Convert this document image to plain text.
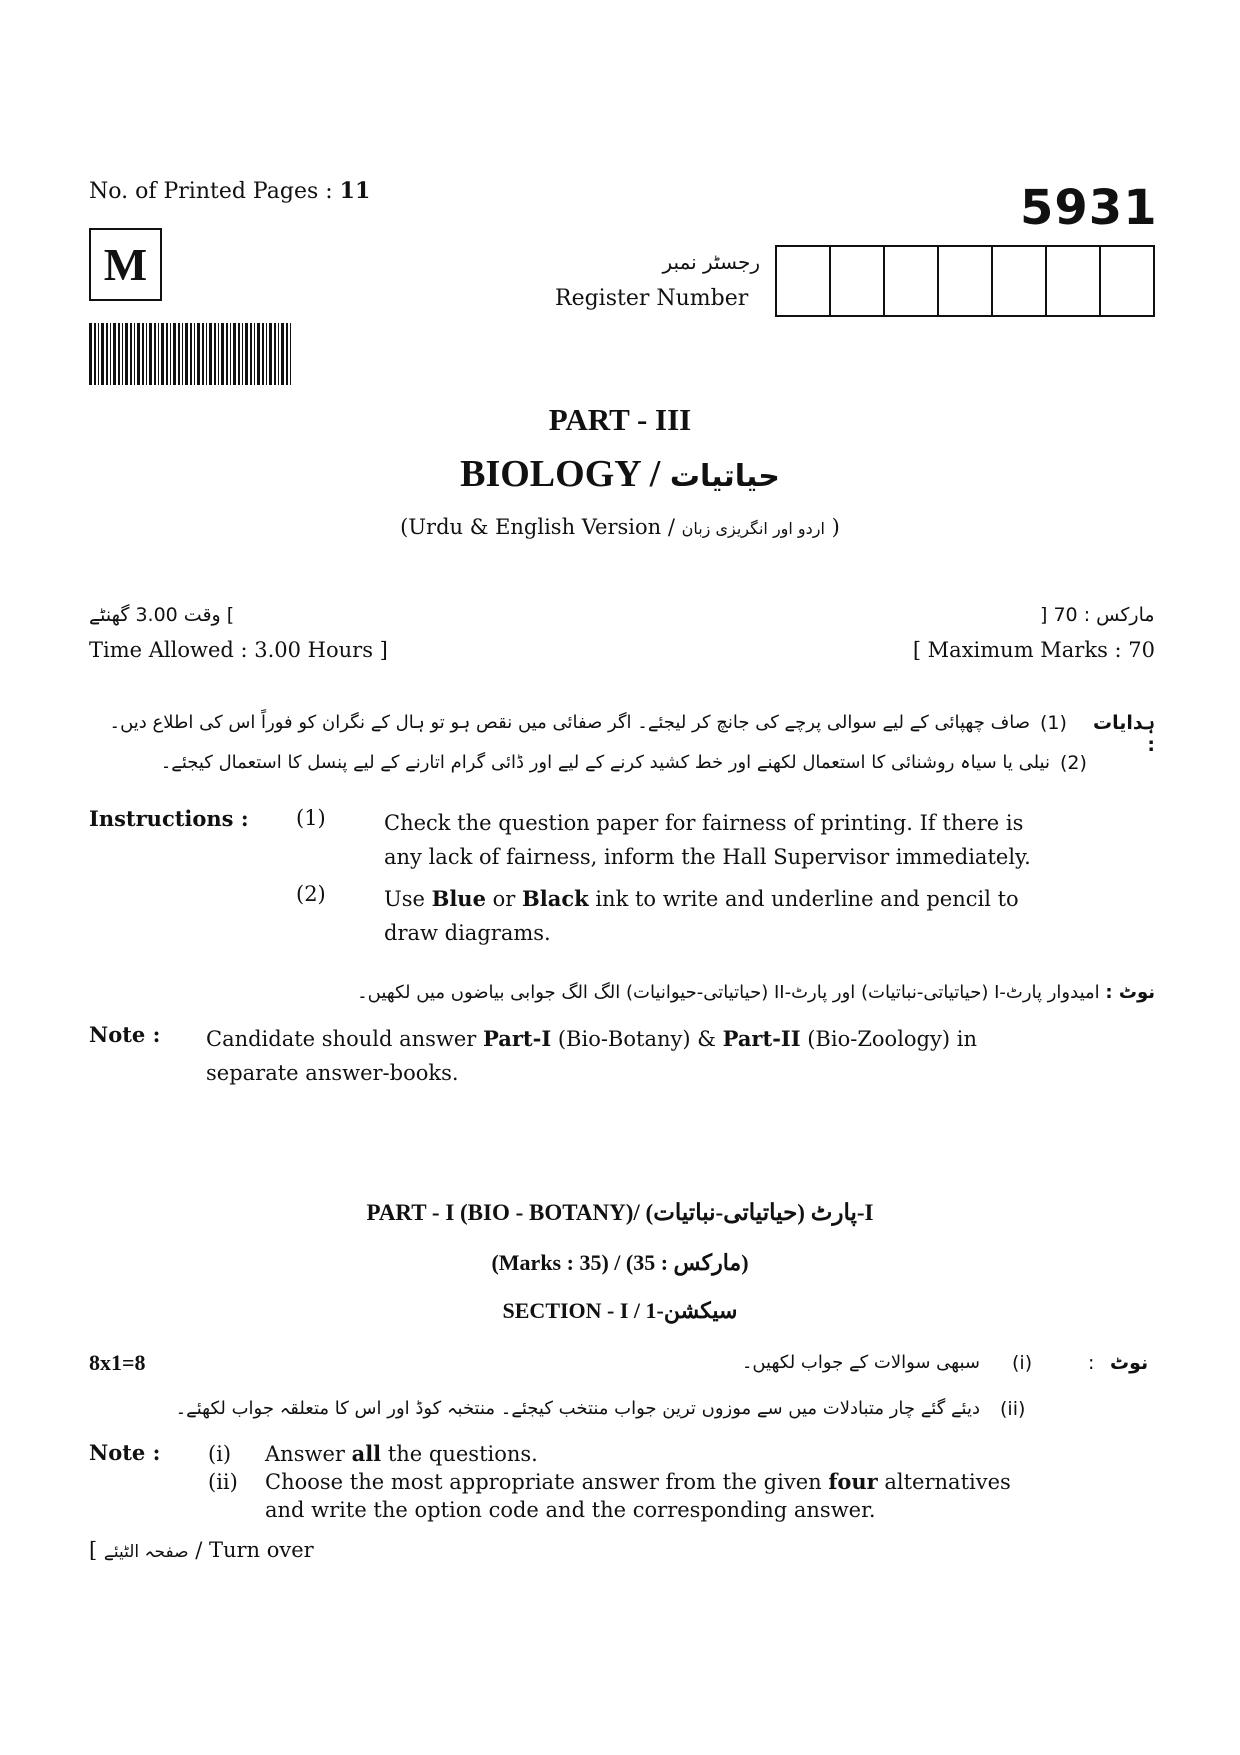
No. of Printed Pages : 11	5931
M	رجسٹر نمبر
Register Number
PART - III
BIOLOGY / حیاتیات
(Urdu & English Version / اردو اور انگریزی زبان )
وقت 3.00 گھنٹے [	] مارکس : 70
Time Allowed : 3.00 Hours ]	[ Maximum Marks : 70
ہدایات :
(1)
صاف چھپائی کے لیے سوالی پرچے کی جانچ کر لیجئے۔ اگر صفائی میں نقص ہو تو ہال کے نگران کو فوراً اس کی اطلاع دیں۔
(2)
نیلی یا سیاہ روشنائی کا استعمال لکھنے اور خط کشید کرنے کے لیے اور ڈائی گرام اتارنے کے لیے پنسل کا استعمال کیجئے۔
Instructions : (1)	Check the question paper for fairness of printing. If there is
any lack of fairness, inform the Hall Supervisor immediately.
(2)	Use Blue or Black ink to write and underline and pencil to
draw diagrams.
نوٹ : امیدوار پارٹ-I (حیاتیاتی-نباتیات) اور پارٹ-II (حیاتیاتی-حیوانیات) الگ الگ جوابی بیاضوں میں لکھیں۔
Note : Candidate should answer Part-I (Bio-Botany) & Part-II (Bio-Zoology) in
separate answer-books.
PART - I (BIO - BOTANY)/ (حیاتیاتی-نباتیات) پارٹ-I
(Marks : 35) / (مارکس : 35)
SECTION - I / 1-سیکشن
8x1=8	نوٹ
:
(i)
سبھی سوالات کے جواب لکھیں۔
(ii)
دیئے گئے چار متبادلات میں سے موزوں ترین جواب منتخب کیجئے۔ منتخبہ کوڈ اور اس کا متعلقہ جواب لکھئے۔
Note : (i)
(ii)
Answer all the questions.
Choose the most appropriate answer from the given four alternatives
and write the option code and the corresponding answer.
[ صفحہ الٹیئے / Turn over
